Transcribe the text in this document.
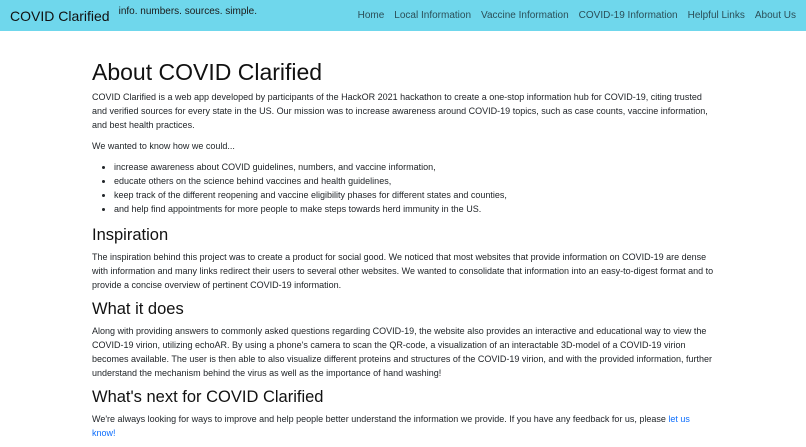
COVID Clarified info. numbers. sources. simple.	Home Local Information Vaccine Information COVID-19 Information Helpful Links About Us
About COVID Clarified

COVID Clarified is a web app developed by participants of the HackOR 2021 hackathon to create a one-stop information hub for COVID-19, citing trusted and verified sources for every state in the US. Our mission was to increase awareness around COVID-19 topics, such as case counts, vaccine information, and best health practices.

We wanted to know how we could...

• increase awareness about COVID guidelines, numbers, and vaccine information,
• educate others on the science behind vaccines and health guidelines,
• keep track of the different reopening and vaccine eligibility phases for different states and counties,
• and help find appointments for more people to make steps towards herd immunity in the US.
Inspiration

The inspiration behind this project was to create a product for social good. We noticed that most websites that provide information on COVID-19 are dense with information and many links redirect their users to several other websites. We wanted to consolidate that information into an easy-to-digest format and to provide a concise overview of pertinent COVID-19 information.

What it does

Along with providing answers to commonly asked questions regarding COVID-19, the website also provides an interactive and educational way to view the COVID-19 virion, utilizing echoAR. By using a phone's camera to scan the QR-code, a visualization of an interactable 3D-model of a COVID-19 virion becomes available. The user is then able to also visualize different proteins and structures of the COVID-19 virion, and with the provided information, further understand the mechanism behind the virus as well as the importance of hand washing!

What's next for COVID Clarified

We're always looking for ways to improve and help people better understand the information we provide. If you have any feedback for us, please let us know!
